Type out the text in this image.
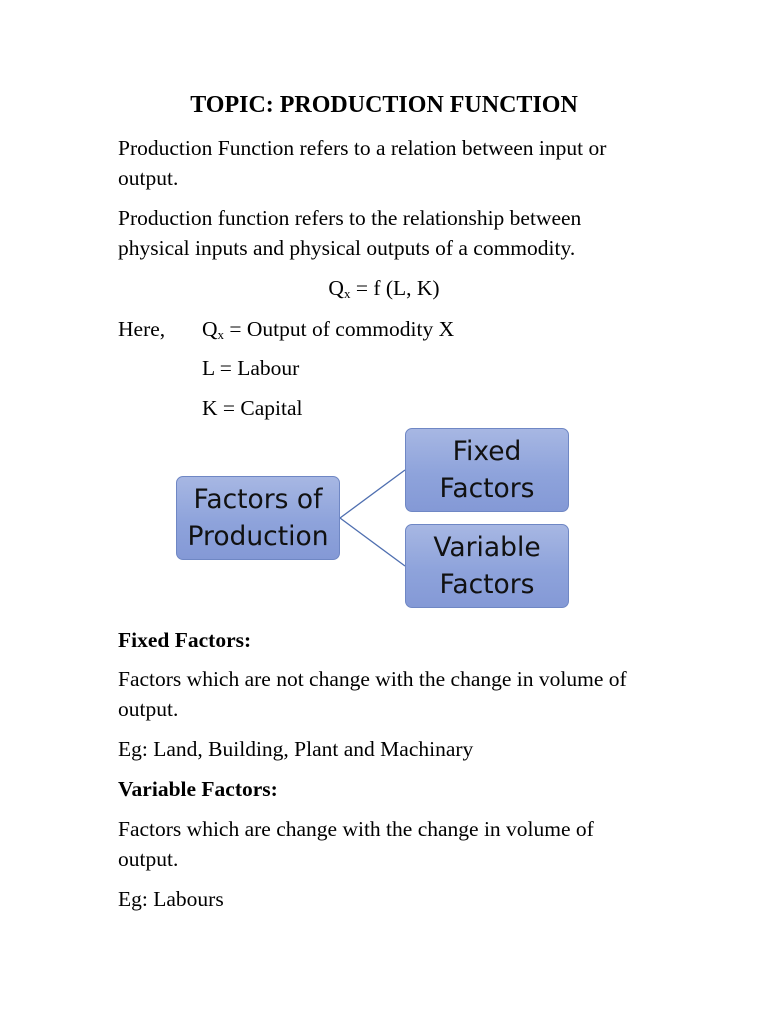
TOPIC: PRODUCTION FUNCTION

Production Function refers to a relation between input or output.

Production function refers to the relationship between physical inputs and physical outputs of a commodity.

$Q_x = f$ (L, K)
Here, $Q_x$ = Output of commodity X
L = Labour
K = Capital
Factors of Production
Fixed Factors
Variable Factors

Fixed Factors:

Factors which are not change with the change in volume of output.

Eg: Land, Building, Plant and Machinary

Variable Factors:

Factors which are change with the change in volume of output.

Eg: Labours
